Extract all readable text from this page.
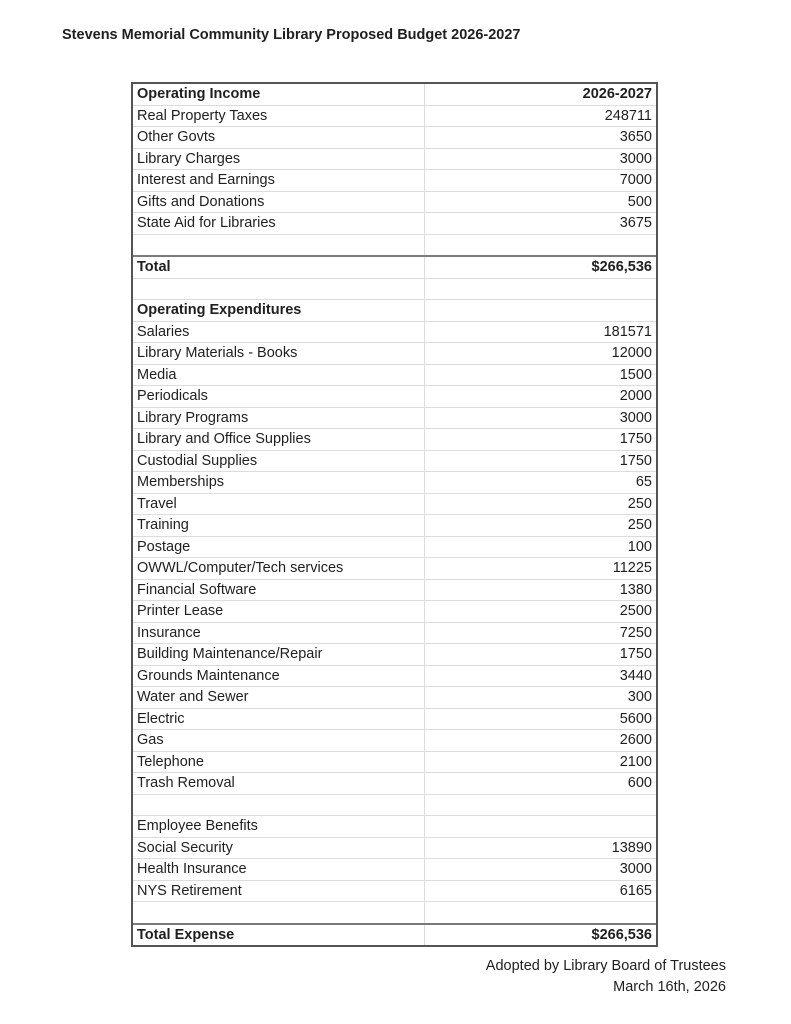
Stevens Memorial Community Library Proposed Budget 2026-2027
Operating Income	2026-2027
Real Property Taxes	248711
Other Govts	3650
Library Charges	3000
Interest and Earnings	7000
Gifts and Donations	500
State Aid for Libraries	3675
Total	$266,536
Operating Expenditures
Salaries	181571
Library Materials - Books	12000
Media	1500
Periodicals	2000
Library Programs	3000
Library and Office Supplies	1750
Custodial Supplies	1750
Memberships	65
Travel	250
Training	250
Postage	100
OWWL/Computer/Tech services	11225
Financial Software	1380
Printer Lease	2500
Insurance	7250
Building Maintenance/Repair	1750
Grounds Maintenance	3440
Water and Sewer	300
Electric	5600
Gas	2600
Telephone	2100
Trash Removal	600
Employee Benefits
Social Security	13890
Health Insurance	3000
NYS Retirement	6165
Total Expense	$266,536
Adopted by Library Board of Trustees
March 16th, 2026
